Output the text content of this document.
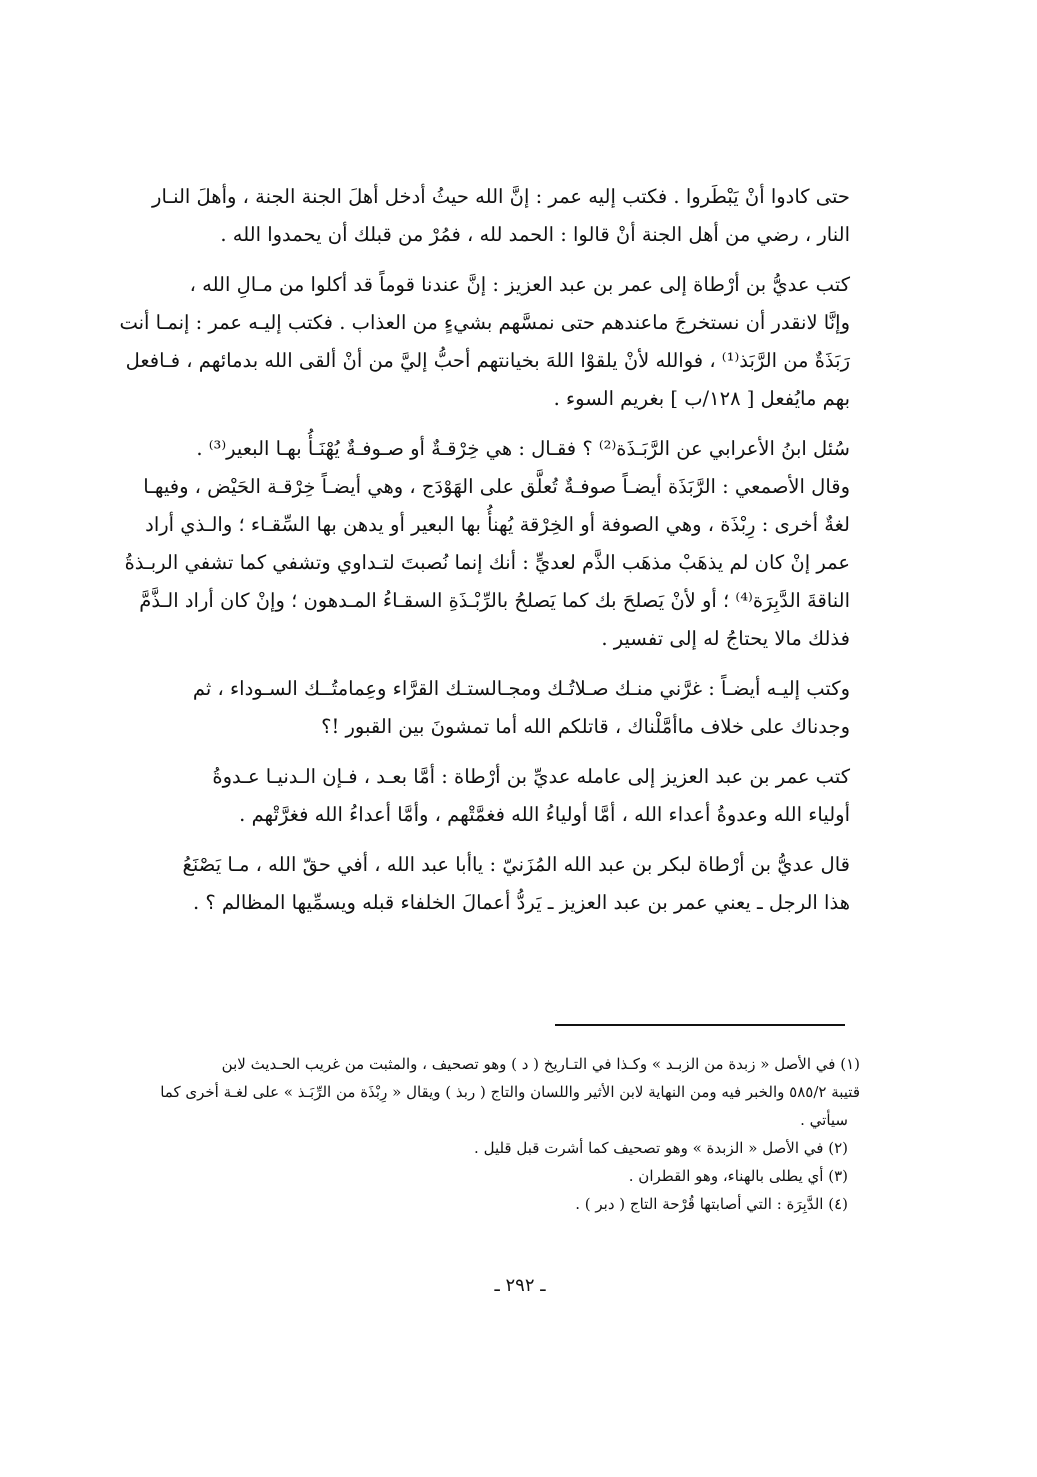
حتى كادوا أنْ يَبْطَروا . فكتب إليه عمر : إنَّ الله حيثُ أدخل أهلَ الجنة الجنة ، وأهلَ النـار
النار ، رضي من أهل الجنة أنْ قالوا : الحمد لله ، فمُرْ من قبلك أن يحمدوا الله .
كتب عديُّ بن أرْطاة إلى عمر بن عبد العزيز : إنَّ عندنا قوماً قد أكلوا من مـالِ الله ،
وإنَّا لانقدر أن نستخرجَ ماعندهم حتى نمسَّهم بشيءٍ من العذاب . فكتب إليـه عمر : إنمـا أنت
رَبَذَةٌ من الرَّبَذ⁽¹⁾ ، فوالله لأنْ يلقوْا اللهَ بخيانتهم أحبُّ إليَّ من أنْ ألقى الله بدمائهم ، فـافعل
بهم مايُفعل [ ١٢٨/ب ] بغريم السوء .
سُئل ابنُ الأعرابي عن الرَّبَـذَة⁽²⁾ ؟ فقـال : هي خِرْقـةٌ أو صـوفـةٌ يُهْنَـأُ بهـا البعير⁽³⁾ .
وقال الأصمعي : الرَّبَذَة أيضـاً صوفـةٌ تُعلَّق على الهَوْدَج ، وهي أيضـاً خِرْقـة الحَيْض ، وفيهـا
لغةٌ أخرى : رِبْذَة ، وهي الصوفة أو الخِرْقة يُهنأُ بها البعير أو يدهن بها السِّقـاء ؛ والـذي أراد
عمر إنْ كان لم يذهَبْ مذهَب الذَّم لعديٍّ : أنك إنما نُصبتَ لتـداوي وتشفي كما تشفي الربـذةُ
الناقةَ الدَّبِرَة⁽⁴⁾ ؛ أو لأنْ يَصلحَ بك كما يَصلحُ بالرِّبْـذَةِ السقـاءُ المـدهون ؛ وإنْ كان أراد الـذَّمَّ
فذلك مالا يحتاجُ له إلى تفسير .
وكتب إليـه أيضـاً : غرَّني منـك صـلاتُـك ومجـالستـك القرَّاء وعِمامتُــك السـوداء ، ثم
وجدناك على خلاف ماأمَّلْناك ، قاتلكم الله أما تمشونَ بين القبور !؟
كتب عمر بن عبد العزيز إلى عامله عديِّ بن أرْطاة : أمَّا بعـد ، فـإن الـدنيـا عـدوةُ
أولياء الله وعدوةُ أعداء الله ، أمَّا أولياءُ الله فغمَّتْهم ، وأمَّا أعداءُ الله فغرَّتْهم .
قال عديُّ بن أرْطاة لبكر بن عبد الله المُزَنيّ : ياأبا عبد الله ، أفي حقّ الله ، مـا يَصْنَعُ
هذا الرجل ـ يعني عمر بن عبد العزيز ـ يَردُّ أعمالَ الخلفاء قبله ويسمِّيها المظالم ؟ .
(١) في الأصل « زبدة من الزبـد » وكـذا في التـاريخ ( د ) وهو تصحيف ، والمثبت من غريب الحـديث لابن
قتيبة ٥٨٥/٢ والخبر فيه ومن النهاية لابن الأثير واللسان والتاج ( ربذ ) ويقال « رِبْذَة من الرِّبَـذ » على لغـة أخرى كما
سيأتي .
(٢) في الأصل « الزبدة » وهو تصحيف كما أشرت قبل قليل .
(٣) أي يطلى بالهناء، وهو القطران .
(٤) الدَّبِرَة : التي أصابتها قُرْحة التاج ( دبر ) .
ـ ٢٩٢ ـ
